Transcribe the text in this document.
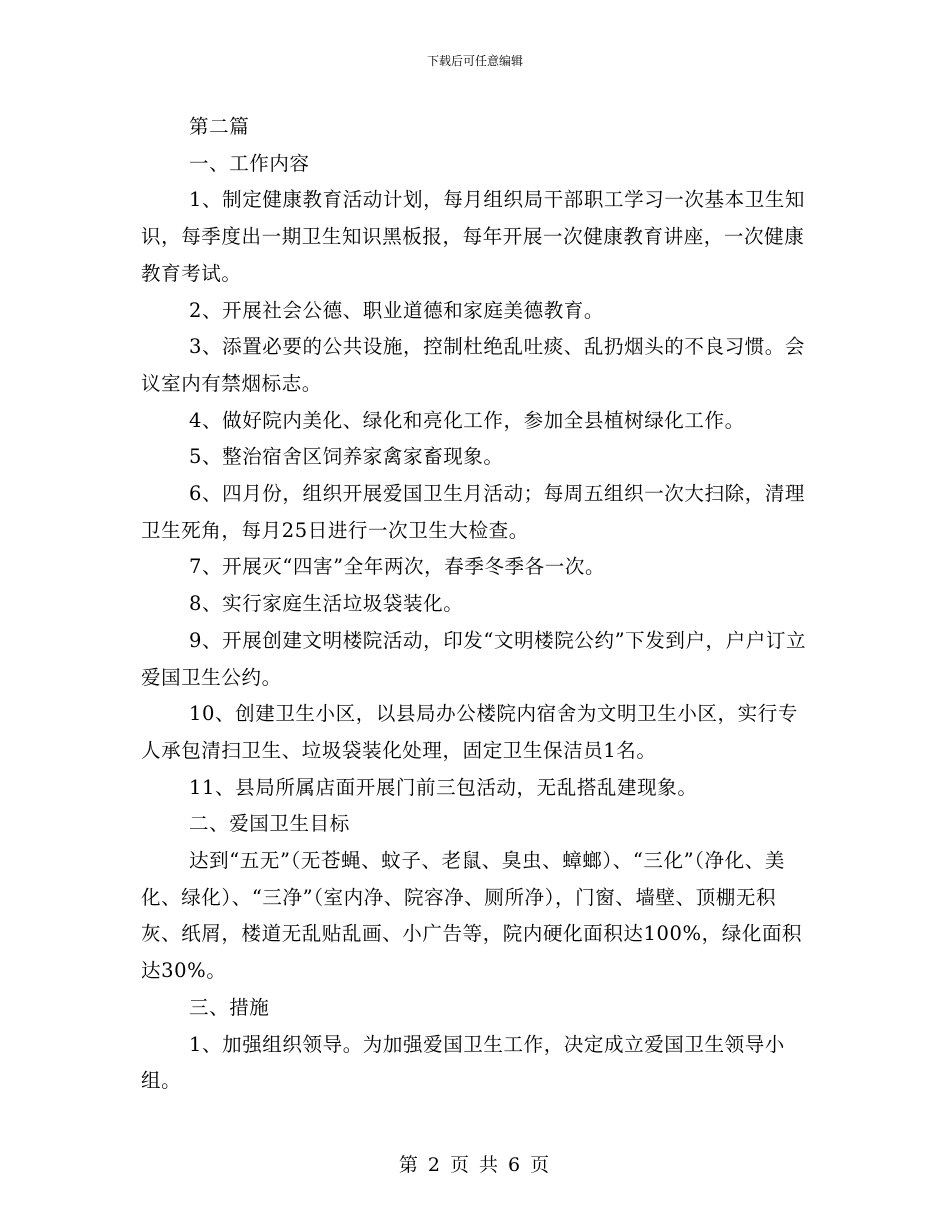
下载后可任意编辑

第二篇

一、工作内容

1、制定健康教育活动计划，每月组织局干部职工学习一次基本卫生知识，每季度出一期卫生知识黑板报，每年开展一次健康教育讲座，一次健康教育考试。

2、开展社会公德、职业道德和家庭美德教育。

3、添置必要的公共设施，控制杜绝乱吐痰、乱扔烟头的不良习惯。会议室内有禁烟标志。

4、做好院内美化、绿化和亮化工作，参加全县植树绿化工作。

5、整治宿舍区饲养家禽家畜现象。

6、四月份，组织开展爱国卫生月活动；每周五组织一次大扫除，清理卫生死角，每月25日进行一次卫生大检查。

7、开展灭“四害”全年两次，春季冬季各一次。

8、实行家庭生活垃圾袋装化。

9、开展创建文明楼院活动，印发“文明楼院公约”下发到户，户户订立爱国卫生公约。

10、创建卫生小区，以县局办公楼院内宿舍为文明卫生小区，实行专人承包清扫卫生、垃圾袋装化处理，固定卫生保洁员1名。

11、县局所属店面开展门前三包活动，无乱搭乱建现象。

二、爱国卫生目标

达到“五无”（无苍蝇、蚊子、老鼠、臭虫、蟑螂）、“三化”（净化、美化、绿化）、“三净”（室内净、院容净、厕所净），门窗、墙壁、顶棚无积灰、纸屑，楼道无乱贴乱画、小广告等，院内硬化面积达100%，绿化面积达30%。

三、措施

1、加强组织领导。为加强爱国卫生工作，决定成立爱国卫生领导小组。

第 2 页 共 6 页
